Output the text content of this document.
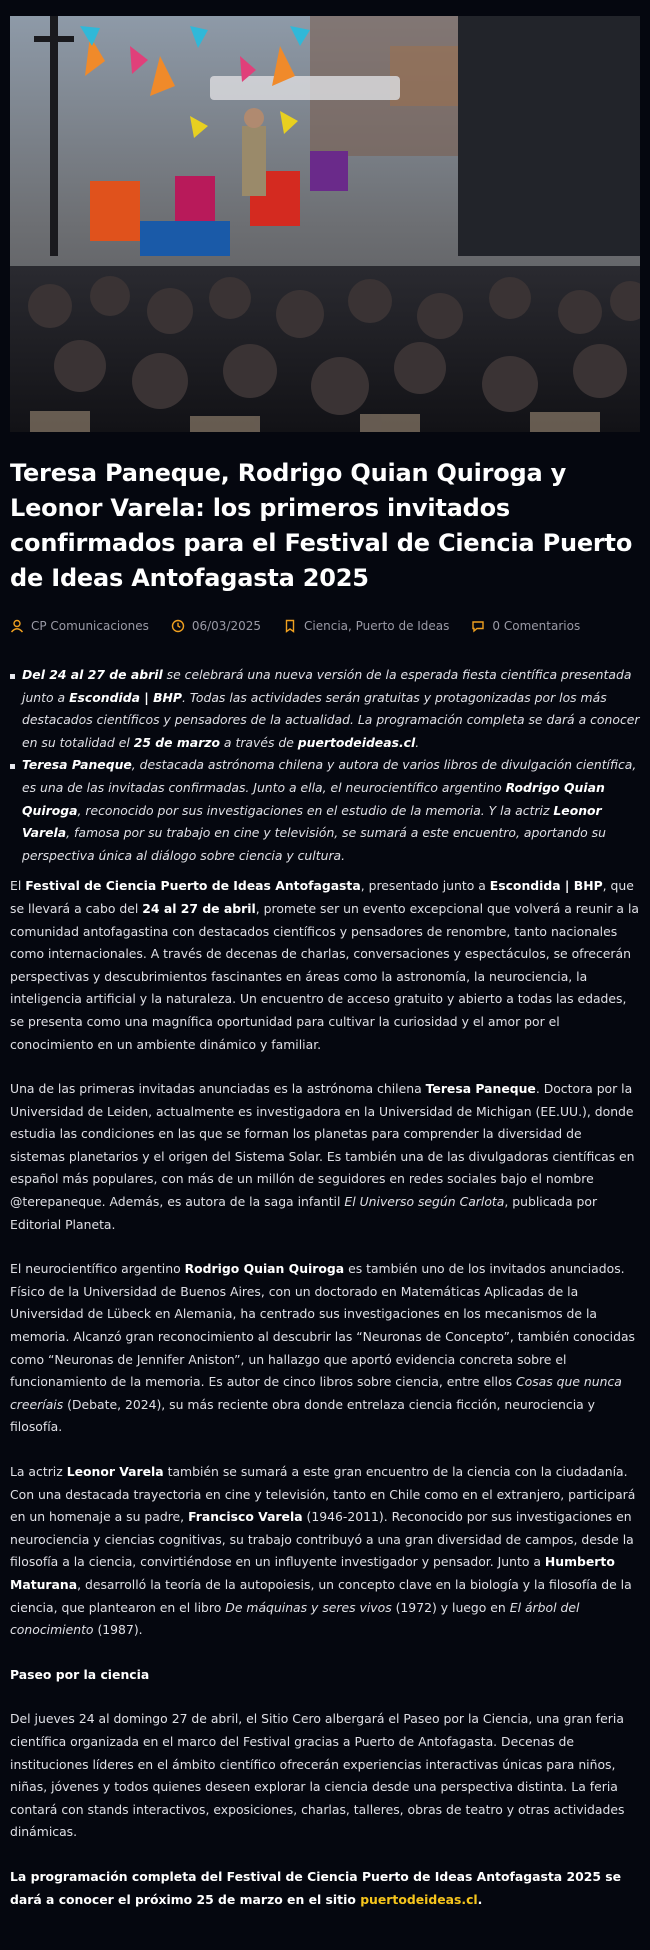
Teresa Paneque, Rodrigo Quian Quiroga y Leonor Varela: los primeros invitados confirmados para el Festival de Ciencia Puerto de Ideas Antofagasta 2025
CP Comunicaciones	06/03/2025	Ciencia, Puerto de Ideas	0 Comentarios
Del 24 al 27 de abril se celebrará una nueva versión de la esperada fiesta científica presentada junto a Escondida | BHP. Todas las actividades serán gratuitas y protagonizadas por los más destacados científicos y pensadores de la actualidad. La programación completa se dará a conocer en su totalidad el 25 de marzo a través de puertodeideas.cl.
Teresa Paneque, destacada astrónoma chilena y autora de varios libros de divulgación científica, es una de las invitadas confirmadas. Junto a ella, el neurocientífico argentino Rodrigo Quian Quiroga, reconocido por sus investigaciones en el estudio de la memoria. Y la actriz Leonor Varela, famosa por su trabajo en cine y televisión, se sumará a este encuentro, aportando su perspectiva única al diálogo sobre ciencia y cultura.

El Festival de Ciencia Puerto de Ideas Antofagasta, presentado junto a Escondida | BHP, que se llevará a cabo del 24 al 27 de abril, promete ser un evento excepcional que volverá a reunir a la comunidad antofagastina con destacados científicos y pensadores de renombre, tanto nacionales como internacionales. A través de decenas de charlas, conversaciones y espectáculos, se ofrecerán perspectivas y descubrimientos fascinantes en áreas como la astronomía, la neurociencia, la inteligencia artificial y la naturaleza. Un encuentro de acceso gratuito y abierto a todas las edades, se presenta como una magnífica oportunidad para cultivar la curiosidad y el amor por el conocimiento en un ambiente dinámico y familiar.

Una de las primeras invitadas anunciadas es la astrónoma chilena Teresa Paneque. Doctora por la Universidad de Leiden, actualmente es investigadora en la Universidad de Michigan (EE.UU.), donde estudia las condiciones en las que se forman los planetas para comprender la diversidad de sistemas planetarios y el origen del Sistema Solar. Es también una de las divulgadoras científicas en español más populares, con más de un millón de seguidores en redes sociales bajo el nombre @terepaneque. Además, es autora de la saga infantil El Universo según Carlota, publicada por Editorial Planeta.

El neurocientífico argentino Rodrigo Quian Quiroga es también uno de los invitados anunciados. Físico de la Universidad de Buenos Aires, con un doctorado en Matemáticas Aplicadas de la Universidad de Lübeck en Alemania, ha centrado sus investigaciones en los mecanismos de la memoria. Alcanzó gran reconocimiento al descubrir las “Neuronas de Concepto”, también conocidas como “Neuronas de Jennifer Aniston”, un hallazgo que aportó evidencia concreta sobre el funcionamiento de la memoria. Es autor de cinco libros sobre ciencia, entre ellos Cosas que nunca creeríais (Debate, 2024), su más reciente obra donde entrelaza ciencia ficción, neurociencia y filosofía.

La actriz Leonor Varela también se sumará a este gran encuentro de la ciencia con la ciudadanía. Con una destacada trayectoria en cine y televisión, tanto en Chile como en el extranjero, participará en un homenaje a su padre, Francisco Varela (1946-2011). Reconocido por sus investigaciones en neurociencia y ciencias cognitivas, su trabajo contribuyó a una gran diversidad de campos, desde la filosofía a la ciencia, convirtiéndose en un influyente investigador y pensador. Junto a Humberto Maturana, desarrolló la teoría de la autopoiesis, un concepto clave en la biología y la filosofía de la ciencia, que plantearon en el libro De máquinas y seres vivos (1972) y luego en El árbol del conocimiento (1987).

Paseo por la ciencia

Del jueves 24 al domingo 27 de abril, el Sitio Cero albergará el Paseo por la Ciencia, una gran feria científica organizada en el marco del Festival gracias a Puerto de Antofagasta. Decenas de instituciones líderes en el ámbito científico ofrecerán experiencias interactivas únicas para niños, niñas, jóvenes y todos quienes deseen explorar la ciencia desde una perspectiva distinta. La feria contará con stands interactivos, exposiciones, charlas, talleres, obras de teatro y otras actividades dinámicas.

La programación completa del Festival de Ciencia Puerto de Ideas Antofagasta 2025 se dará a conocer el próximo 25 de marzo en el sitio puertodeideas.cl.
